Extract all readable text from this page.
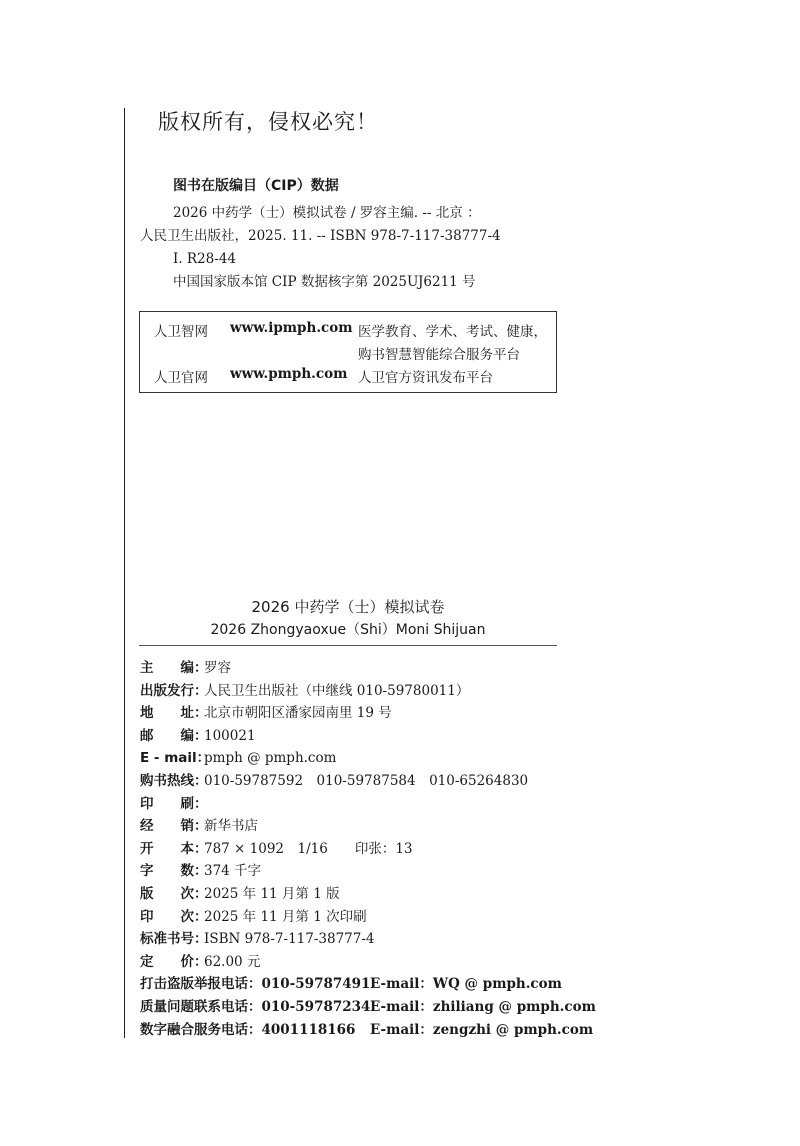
版权所有，侵权必究！
图书在版编目（CIP）数据
2026 中药学（士）模拟试卷 / 罗容主编. -- 北京 ：
人民卫生出版社，2025. 11. -- ISBN 978-7-117-38777-4
Ⅰ. R28-44
中国国家版本馆 CIP 数据核字第 2025UJ6211 号
人卫智网 www.ipmph.com 医学教育、学术、考试、健康，
购书智慧智能综合服务平台
人卫官网 www.pmph.com 人卫官方资讯发布平台
2026 中药学（士）模拟试卷
2026 Zhongyaoxue（Shi）Moni Shijuan
主　　编：罗容
出版发行：人民卫生出版社（中继线 010-59780011）
地　　址：北京市朝阳区潘家园南里 19 号
邮　　编：100021
E - mail：pmph @ pmph.com
购书热线：010-59787592　010-59787584　010-65264830
印　　刷：
经　　销：新华书店
开　　本：787 × 1092　1/16　　印张：13
字　　数：374 千字
版　　次：2025 年 11 月第 1 版
印　　次：2025 年 11 月第 1 次印刷
标准书号：ISBN 978-7-117-38777-4
定　　价：62.00 元
打击盗版举报电话：010-59787491 E-mail：WQ @ pmph.com
质量问题联系电话：010-59787234 E-mail：zhiliang @ pmph.com
数字融合服务电话：4001118166 E-mail：zengzhi @ pmph.com
